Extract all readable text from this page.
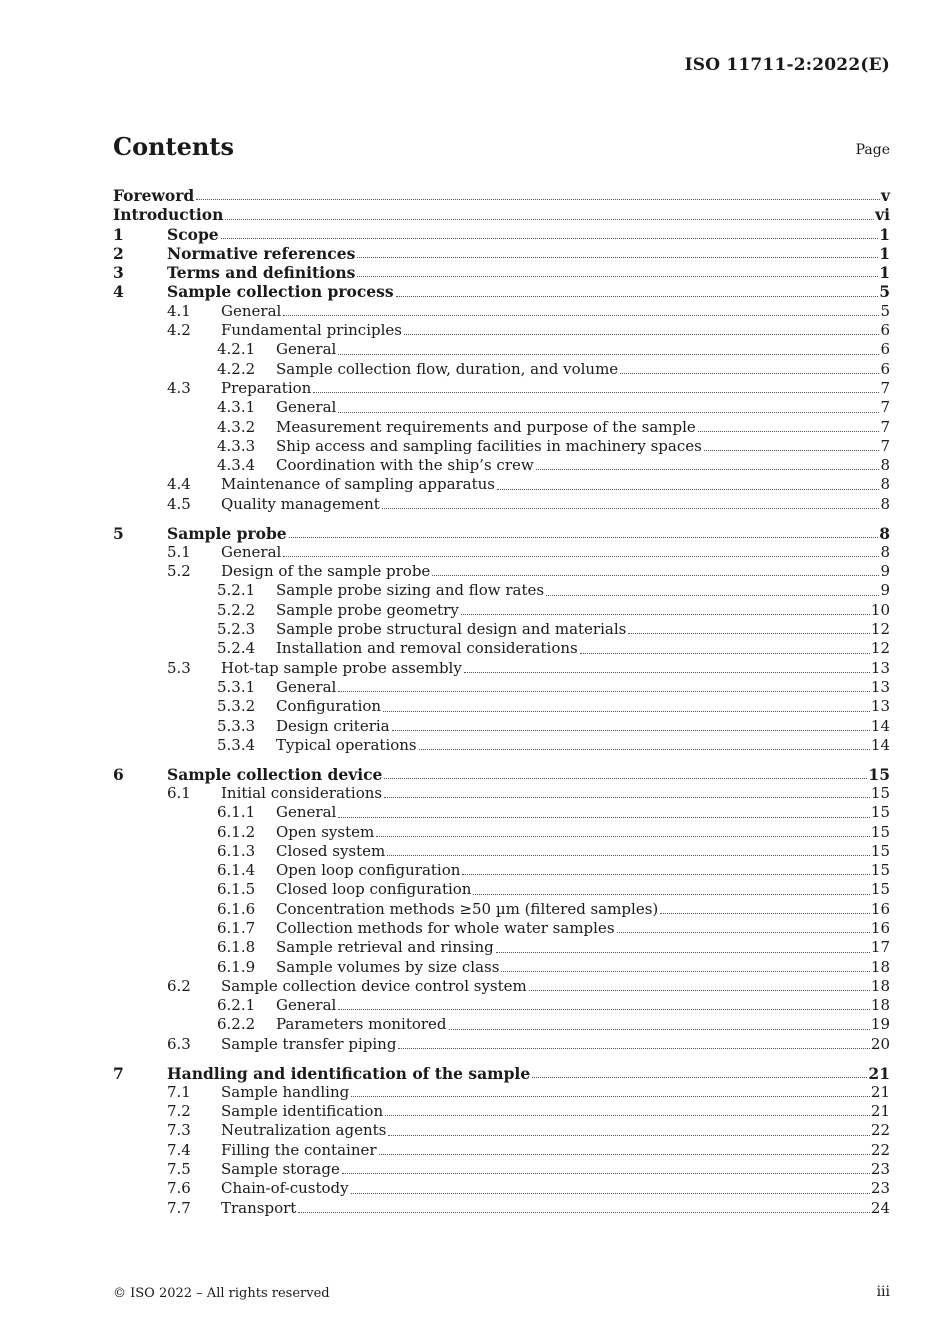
ISO 11711-2:2022(E)
Contents	Page
Foreword	v
Introduction	vi
1	Scope	1
2	Normative references	1
3	Terms and definitions	1
4	Sample collection process	5
4.1	General	5
4.2	Fundamental principles	6
4.2.1	General	6
4.2.2	Sample collection flow, duration, and volume	6
4.3	Preparation	7
4.3.1	General	7
4.3.2	Measurement requirements and purpose of the sample	7
4.3.3	Ship access and sampling facilities in machinery spaces	7
4.3.4	Coordination with the ship’s crew	8
4.4	Maintenance of sampling apparatus	8
4.5	Quality management	8
5	Sample probe	8
5.1	General	8
5.2	Design of the sample probe	9
5.2.1	Sample probe sizing and flow rates	9
5.2.2	Sample probe geometry	10
5.2.3	Sample probe structural design and materials	12
5.2.4	Installation and removal considerations	12
5.3	Hot-tap sample probe assembly	13
5.3.1	General	13
5.3.2	Configuration	13
5.3.3	Design criteria	14
5.3.4	Typical operations	14
6	Sample collection device	15
6.1	Initial considerations	15
6.1.1	General	15
6.1.2	Open system	15
6.1.3	Closed system	15
6.1.4	Open loop configuration	15
6.1.5	Closed loop configuration	15
6.1.6	Concentration methods ≥50 µm (filtered samples)	16
6.1.7	Collection methods for whole water samples	16
6.1.8	Sample retrieval and rinsing	17
6.1.9	Sample volumes by size class	18
6.2	Sample collection device control system	18
6.2.1	General	18
6.2.2	Parameters monitored	19
6.3	Sample transfer piping	20
7	Handling and identification of the sample	21
7.1	Sample handling	21
7.2	Sample identification	21
7.3	Neutralization agents	22
7.4	Filling the container	22
7.5	Sample storage	23
7.6	Chain-of-custody	23
7.7	Transport	24
© ISO 2022 – All rights reserved	iii
